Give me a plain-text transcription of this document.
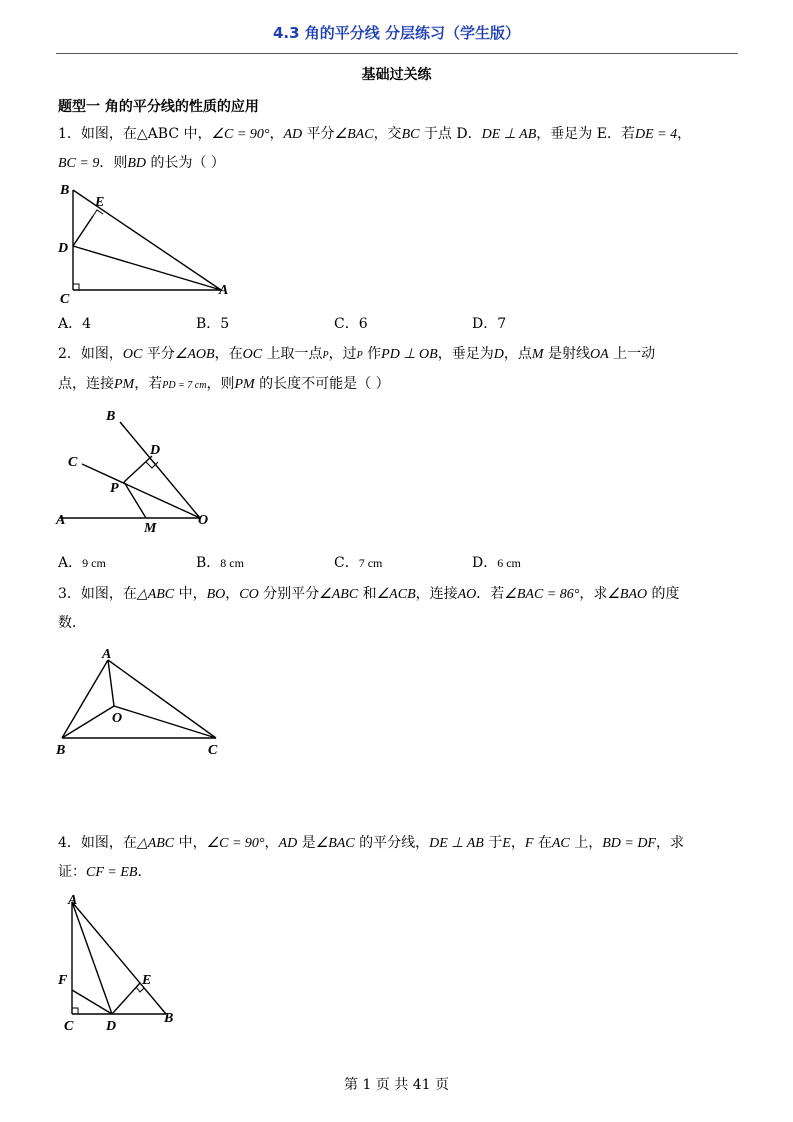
4.3 角的平分线 分层练习（学生版）
基础过关练
题型一 角的平分线的性质的应用
1．如图，在△ABC 中，∠C = 90°，AD 平分∠BAC，交BC 于点 D．DE ⊥ AB，垂足为 E．若DE = 4，
BC = 9．则BD 的长为（ ）
B
E
D
C
A
A．4	B．5	C．6	D．7
2．如图，OC 平分∠AOB，在OC 上取一点P，过P 作PD ⊥ OB，垂足为D，点M 是射线OA 上一动
点，连接PM，若PD = 7 cm，则PM 的长度不可能是（ ）
B
D
C
P
A
M
O
A．9 cm	B．8 cm	C．7 cm	D．6 cm
3．如图，在△ABC 中，BO，CO 分别平分∠ABC 和∠ACB，连接AO．若∠BAC = 86°，求∠BAO 的度
数．
A
O
B	C
4．如图，在△ABC 中，∠C = 90°，AD 是∠BAC 的平分线，DE ⊥ AB 于E，F 在AC 上，BD = DF，求
证：CF = EB．
A
F	E
C D
B
第 1 页 共 41 页
